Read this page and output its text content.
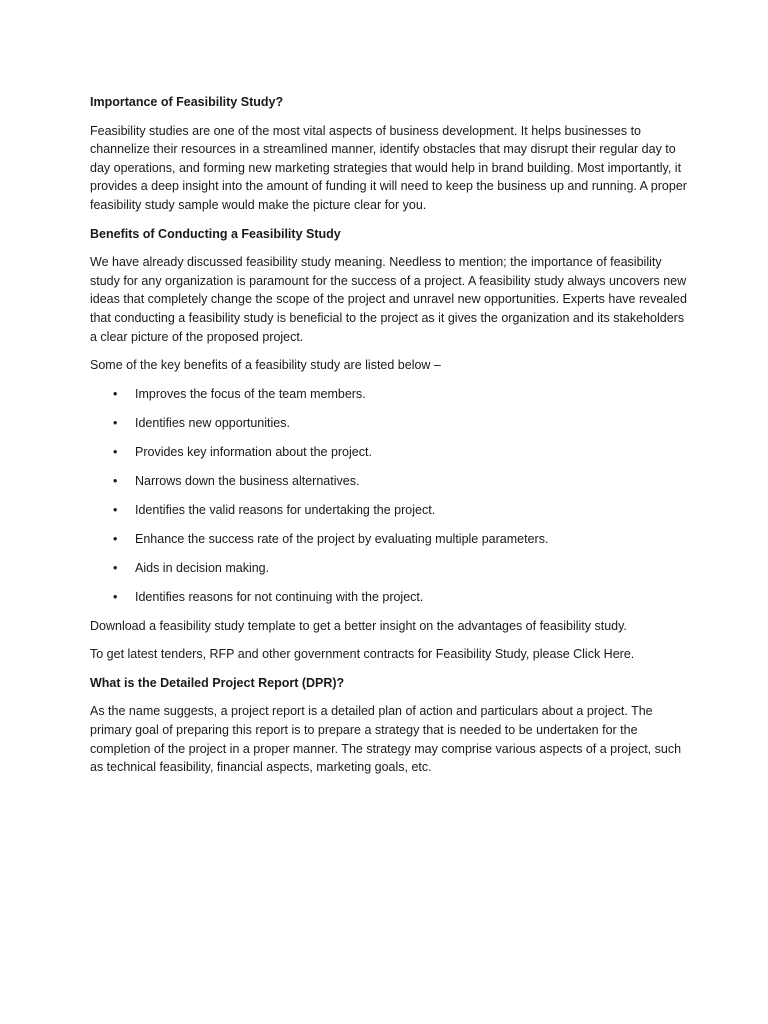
Importance of Feasibility Study?

Feasibility studies are one of the most vital aspects of business development. It helps businesses to channelize their resources in a streamlined manner, identify obstacles that may disrupt their regular day to day operations, and forming new marketing strategies that would help in brand building. Most importantly, it provides a deep insight into the amount of funding it will need to keep the business up and running. A proper feasibility study sample would make the picture clear for you.

Benefits of Conducting a Feasibility Study

We have already discussed feasibility study meaning. Needless to mention; the importance of feasibility study for any organization is paramount for the success of a project. A feasibility study always uncovers new ideas that completely change the scope of the project and unravel new opportunities. Experts have revealed that conducting a feasibility study is beneficial to the project as it gives the organization and its stakeholders a clear picture of the proposed project.

Some of the key benefits of a feasibility study are listed below –

• Improves the focus of the team members.
• Identifies new opportunities.
• Provides key information about the project.
• Narrows down the business alternatives.
• Identifies the valid reasons for undertaking the project.
• Enhance the success rate of the project by evaluating multiple parameters.
• Aids in decision making.
• Identifies reasons for not continuing with the project.

Download a feasibility study template to get a better insight on the advantages of feasibility study.

To get latest tenders, RFP and other government contracts for Feasibility Study, please Click Here.

What is the Detailed Project Report (DPR)?

As the name suggests, a project report is a detailed plan of action and particulars about a project. The primary goal of preparing this report is to prepare a strategy that is needed to be undertaken for the completion of the project in a proper manner. The strategy may comprise various aspects of a project, such as technical feasibility, financial aspects, marketing goals, etc.
